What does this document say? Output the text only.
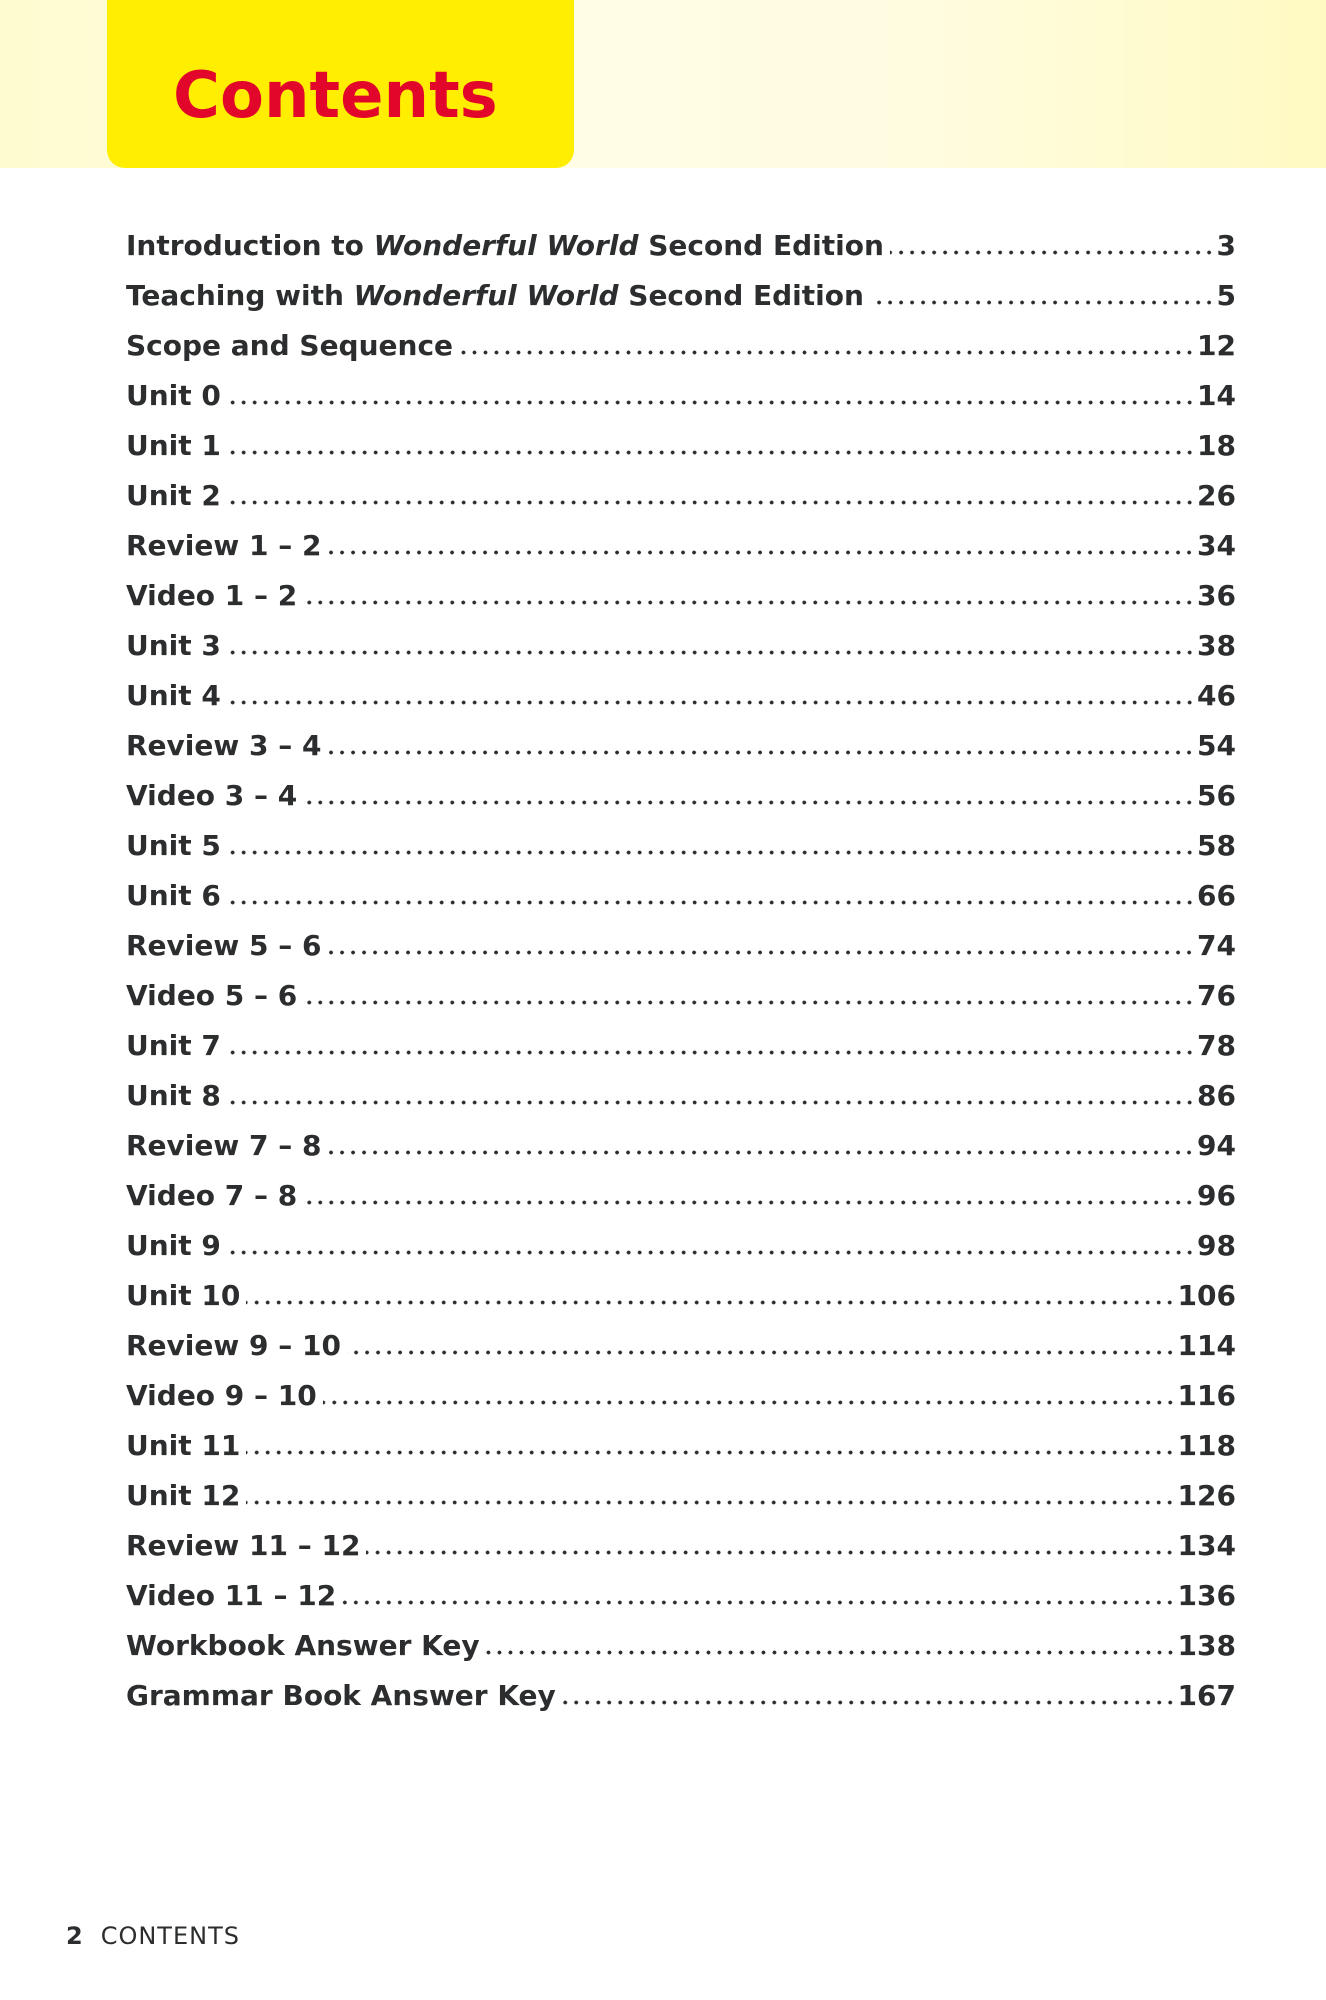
Contents
Introduction to Wonderful World Second Edition	3
Teaching with Wonderful World Second Edition	5
Scope and Sequence	12
Unit 0	14
Unit 1	18
Unit 2	26
Review 1 – 2	34
Video 1 – 2	36
Unit 3	38
Unit 4	46
Review 3 – 4	54
Video 3 – 4	56
Unit 5	58
Unit 6	66
Review 5 – 6	74
Video 5 – 6	76
Unit 7	78
Unit 8	86
Review 7 – 8	94
Video 7 – 8	96
Unit 9	98
Unit 10	106
Review 9 – 10	114
Video 9 – 10	116
Unit 11	118
Unit 12	126
Review 11 – 12	134
Video 11 – 12	136
Workbook Answer Key	138
Grammar Book Answer Key	167
2 CONTENTS
